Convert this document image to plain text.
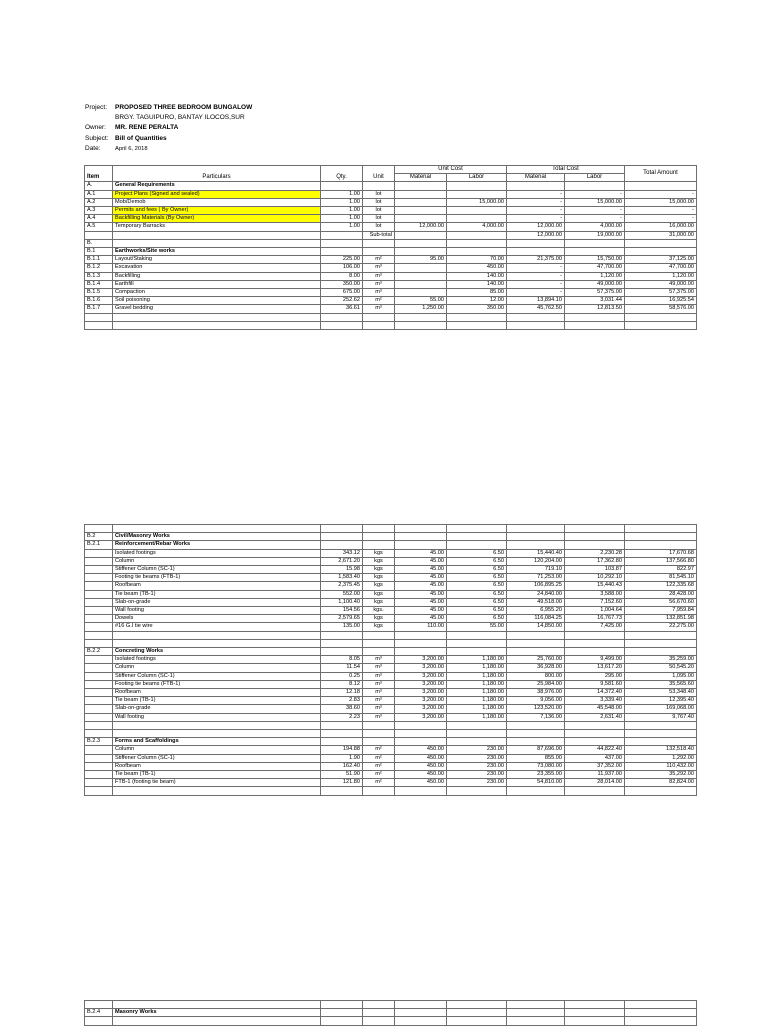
Project:	PROPOSED THREE BEDROOM BUNGALOW
BRGY. TAGUIPURO, BANTAY ILOCOS,SUR
Owner:	MR. RENE PERALTA
Subject:	Bill of Quantities
Date:	April 6, 2018
Item	Particulars	Qty.	Unit	Unit Cost		Total Cost		Total Amount
				Material	Labor	Material	Labor	
A.	General Requirements							
A.1	Project Plans (Signed and sealed)	1.00	lot			-	-	-
A.2	Mob/Demob	1.00	lot		15,000.00	-	15,000.00	15,000.00
A.3	Permits and fees ( By Owner)	1.00	lot			-	-	-
A.4	Backfilling Materials (By Owner)	1.00	lot			-	-	-
A.5	Temporary Barracks	1.00	lot	12,000.00	4,000.00	12,000.00	4,000.00	16,000.00
			Sub-total			12,000.00	19,000.00	31,000.00
B.								
B.1	Earthworks/Site works							
B.1.1	Layout/Staking	225.00	m²	95.00	70.00	21,375.00	15,750.00	37,125.00
B.1.2	Excavation	106.00	m³		450.00	-	47,700.00	47,700.00
B.1.3	Backfilling	8.00	m³		140.00	-	1,120.00	1,120.00
B.1.4	Earthfill	350.00	m³		140.00	-	49,000.00	49,000.00
B.1.5	Compaction	675.00	m³		85.00	-	57,375.00	57,375.00
B.1.6	Soil poisoning	252.62	m²	55.00	12.00	13,894.10	3,031.44	16,925.54
B.1.7	Gravel bedding	36.61	m³	1,250.00	350.00	45,762.50	12,813.50	58,576.00

B.2	Civil/Masonry Works							
B.2.1	Reinforcement/Rebar Works							
	Isolated footings	343.12	kgs	45.00	6.50	15,440.40	2,230.28	17,670.68
	Column	2,671.20	kgs	45.00	6.50	120,204.00	17,362.80	137,566.80
	Stiffener Column (SC-1)	15.98	kgs	45.00	6.50	719.10	103.87	822.97
	Footing tie beams (FTB-1)	1,583.40	kgs	45.00	6.50	71,253.00	10,292.10	81,545.10
	Roofbeam	2,375.45	kgs	45.00	6.50	106,895.25	15,440.43	122,335.68
	Tie beam (TB-1)	552.00	kgs	45.00	6.50	24,840.00	3,588.00	28,428.00
	Slab-on-grade	1,100.40	kgs	45.00	6.50	49,518.00	7,152.60	56,670.60
	Wall footing	154.56	kgs.	45.00	6.50	6,955.20	1,004.64	7,959.84
	Dowels	2,579.65	kgs	45.00	6.50	116,084.25	16,767.73	132,851.98
	#16 G.I tie wire	135.00	kgs	110.00	55.00	14,850.00	7,425.00	22,275.00

B.2.2	Concreting Works							
	Isolated footings	8.05	m³	3,200.00	1,180.00	25,760.00	9,499.00	35,259.00
	Column	11.54	m³	3,200.00	1,180.00	36,928.00	13,617.20	50,545.20
	Stiffener Column (SC-1)	0.25	m³	3,200.00	1,180.00	800.00	295.00	1,095.00
	Footing tie beams (FTB-1)	8.12	m³	3,200.00	1,180.00	25,984.00	9,581.60	35,565.60
	Roofbeam	12.18	m³	3,200.00	1,180.00	38,976.00	14,372.40	53,348.40
	Tie beam (TB-1)	2.83	m³	3,200.00	1,180.00	9,056.00	3,339.40	12,395.40
	Slab-on-grade	38.60	m³	3,200.00	1,180.00	123,520.00	45,548.00	169,068.00
	Wall footing	2.23	m³	3,200.00	1,180.00	7,136.00	2,631.40	9,767.40

B.2.3	Forms and Scaffoldings							
	Column	194.88	m²	450.00	230.00	87,696.00	44,822.40	132,518.40
	Stiffener Column (SC-1)	1.90	m²	450.00	230.00	855.00	437.00	1,292.00
	Roofbeam	162.40	m²	450.00	230.00	73,080.00	37,352.00	110,432.00
	Tie beam (TB-1)	51.90	m²	450.00	230.00	23,355.00	11,937.00	35,292.00
	FTB-1 (footing tie beam)	121.80	m²	450.00	230.00	54,810.00	28,014.00	82,824.00

B.2.4	Masonry Works							
